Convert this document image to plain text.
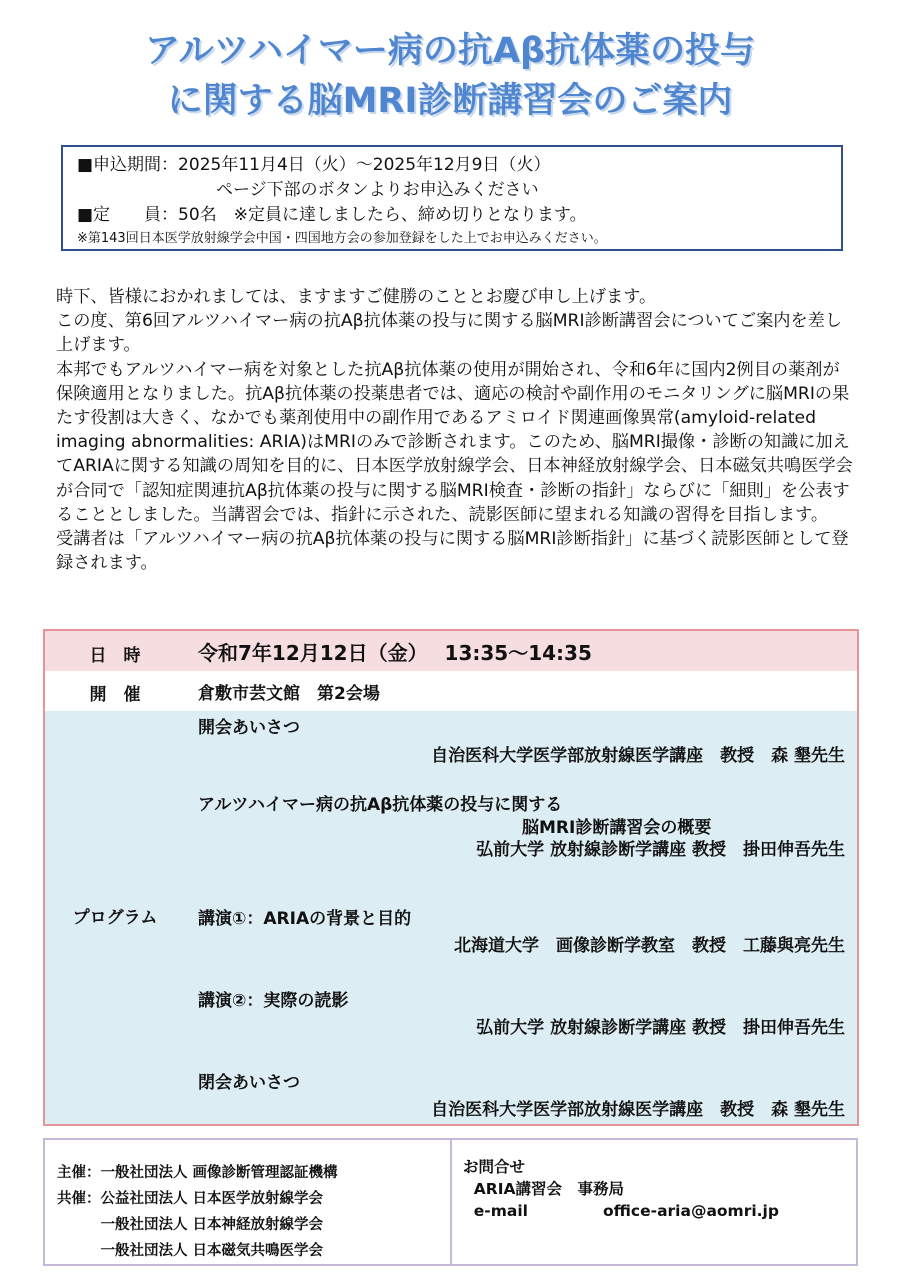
アルツハイマー病の抗Aβ抗体薬の投与
に関する脳MRI診断講習会のご案内
■申込期間：2025年11月4日（火）～2025年12月9日（火）
ページ下部のボタンよりお申込みください
■定　　員：50名　※定員に達しましたら、締め切りとなります。
※第143回日本医学放射線学会中国・四国地方会の参加登録をした上でお申込みください。

時下、皆様におかれましては、ますますご健勝のこととお慶び申し上げます。

この度、第6回アルツハイマー病の抗Aβ抗体薬の投与に関する脳MRI診断講習会についてご案内を差し上げます。

本邦でもアルツハイマー病を対象とした抗Aβ抗体薬の使用が開始され、令和6年に国内2例目の薬剤が保険適用となりました。抗Aβ抗体薬の投薬患者では、適応の検討や副作用のモニタリングに脳MRIの果たす役割は大きく、なかでも薬剤使用中の副作用であるアミロイド関連画像異常(amyloid-related imaging abnormalities: ARIA)はMRIのみで診断されます。このため、脳MRI撮像・診断の知識に加えてARIAに関する知識の周知を目的に、日本医学放射線学会、日本神経放射線学会、日本磁気共鳴医学会が合同で「認知症関連抗Aβ抗体薬の投与に関する脳MRI検査・診断の指針」ならびに「細則」を公表することとしました。当講習会では、指針に示された、読影医師に望まれる知識の習得を目指します。

受講者は「アルツハイマー病の抗Aβ抗体薬の投与に関する脳MRI診断指針」に基づく読影医師として登録されます。

日　時	令和7年12月12日（金）　 13:35～14:35
開　催	倉敷市芸文館　第2会場
プログラム
開会あいさつ
自治医科大学医学部放射線医学講座　教授　森 墾先生
アルツハイマー病の抗Aβ抗体薬の投与に関する
脳MRI診断講習会の概要
弘前大学 放射線診断学講座 教授　掛田伸吾先生
講演①：ARIAの背景と目的
北海道大学　画像診断学教室　教授　工藤與亮先生
講演②：実際の読影
弘前大学 放射線診断学講座 教授　掛田伸吾先生
閉会あいさつ
自治医科大学医学部放射線医学講座　教授　森 墾先生
主催：一般社団法人 画像診断管理認証機構
共催：公益社団法人 日本医学放射線学会
　　　一般社団法人 日本神経放射線学会
　　　一般社団法人 日本磁気共鳴医学会
お問合せ
ARIA講習会　事務局
e-mail	office-aria@aomri.jp
